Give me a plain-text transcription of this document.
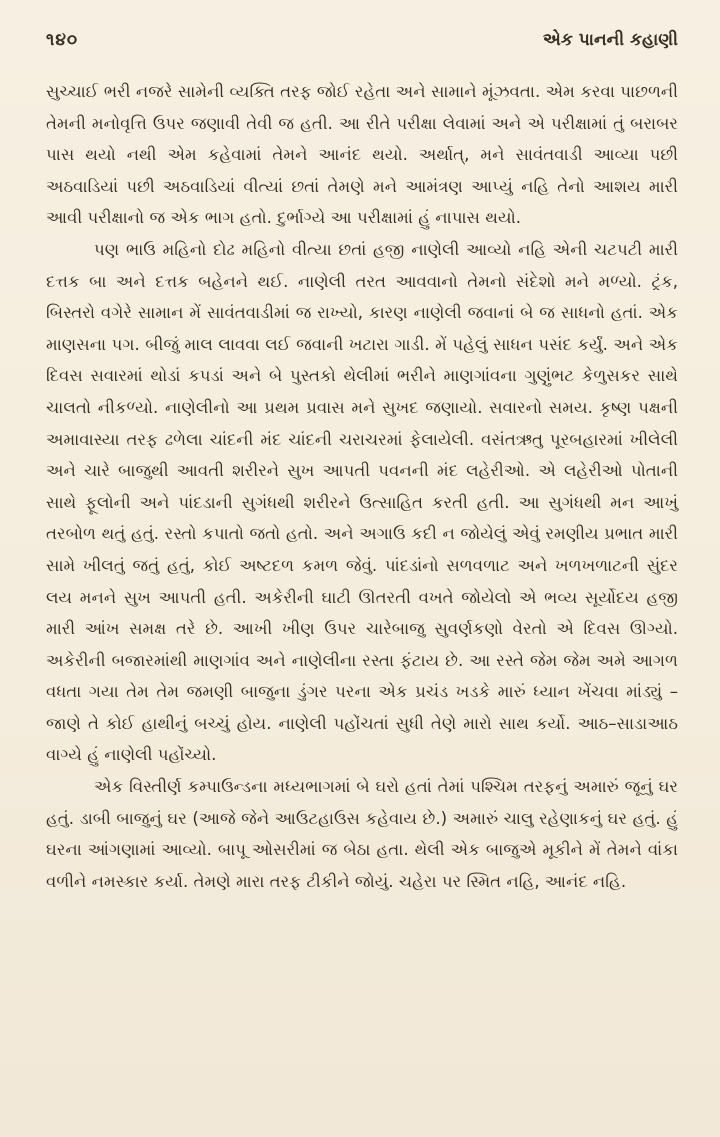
૧૪૦	એક પાનની કહાણી

સુચ્ચાઈ ભરી નજરે સામેની વ્યક્તિ તરફ જોઈ રહેતા અને સામાને મૂંઝવતા. એમ કરવા પાછળની તેમની મનોવૃત્તિ ઉપર જણાવી તેવી જ હતી. આ રીતે પરીક્ષા લેવામાં અને એ પરીક્ષામાં તું બરાબર પાસ થયો નથી એમ કહેવામાં તેમને આનંદ થયો. અર્થાત્, મને સાવંતવાડી આવ્યા પછી અઠવાડિયાં પછી અઠવાડિયાં વીત્યાં છતાં તેમણે મને આમંત્રણ આપ્યું નહિ તેનો આશય મારી આવી પરીક્ષાનો જ એક ભાગ હતો. દુર્ભાગ્યે આ પરીક્ષામાં હું નાપાસ થયો.

પણ ભાઉ મહિનો દોઢ મહિનો વીત્યા છતાં હજી નાણેલી આવ્યો નહિ એની ચટપટી મારી દત્તક બા અને દત્તક બહેનને થઈ. નાણેલી તરત આવવાનો તેમનો સંદેશો મને મળ્યો. ટ્રંક, બિસ્તરો વગેરે સામાન મેં સાવંતવાડીમાં જ રાખ્યો, કારણ નાણેલી જવાનાં બે જ સાધનો હતાં. એક માણસના પગ. બીજું માલ લાવવા લઈ જવાની ખટારા ગાડી. મેં પહેલું સાધન પસંદ કર્યું. અને એક દિવસ સવારમાં થોડાં કપડાં અને બે પુસ્તકો થેલીમાં ભરીને માણગાંવના ગુણુંભટ કેળુસકર સાથે ચાલતો નીકળ્યો. નાણેલીનો આ પ્રથમ પ્રવાસ મને સુખદ જણાયો. સવારનો સમય. કૃષ્ણ પક્ષની અમાવાસ્યા તરફ ઢળેલા ચાંદની મંદ ચાંદની ચરાચરમાં ફેલાયેલી. વસંતઋતુ પૂરબહારમાં ખીલેલી અને ચારે બાજુથી આવતી શરીરને સુખ આપતી પવનની મંદ લહેરીઓ. એ લહેરીઓ પોતાની સાથે ફૂલોની અને પાંદડાની સુગંધથી શરીરને ઉત્સાહિત કરતી હતી. આ સુગંધથી મન આખું તરબોળ થતું હતું. રસ્તો કપાતો જતો હતો. અને અગાઉ કદી ન જોયેલું એવું રમણીય પ્રભાત મારી સામે ખીલતું જતું હતું, કોઈ અષ્ટદળ કમળ જેવું. પાંદડાંનો સળવળાટ અને ખળખળાટની સુંદર લય મનને સુખ આપતી હતી. અકેરીની ઘાટી ઊતરતી વખતે જોયેલો એ ભવ્ય સૂર્યોદય હજી મારી આંખ સમક્ષ તરે છે. આખી ખીણ ઉપર ચારેબાજુ સુવર્ણકણો વેરતો એ દિવસ ઊગ્યો. અકેરીની બજારમાંથી માણગાંવ અને નાણેલીના રસ્તા ફંટાય છે. આ રસ્તે જેમ જેમ અમે આગળ વધતા ગયા તેમ તેમ જમણી બાજુના ડુંગર પરના એક પ્રચંડ ખડકે મારું ધ્યાન ખેંચવા માંડ્યું – જાણે તે કોઈ હાથીનું બચ્ચું હોય. નાણેલી પહોંચતાં સુધી તેણે મારો સાથ કર્યો. આઠ–સાડાઆઠ વાગ્યે હું નાણેલી પહોંચ્યો.

એક વિસ્તીર્ણ કમ્પાઉન્ડના મધ્યભાગમાં બે ઘરો હતાં તેમાં પશ્ચિમ તરફનું અમારું જૂનું ઘર હતું. ડાબી બાજુનું ઘર (આજે જેને આઉટહાઉસ કહેવાય છે.) અમારું ચાલુ રહેણાકનું ઘર હતું. હું ઘરના આંગણામાં આવ્યો. બાપૂ ઓસરીમાં જ બેઠા હતા. થેલી એક બાજુએ મૂકીને મેં તેમને વાંકા વળીને નમસ્કાર કર્યા. તેમણે મારા તરફ ટીકીને જોયું. ચહેરા પર સ્મિત નહિ, આનંદ નહિ.
